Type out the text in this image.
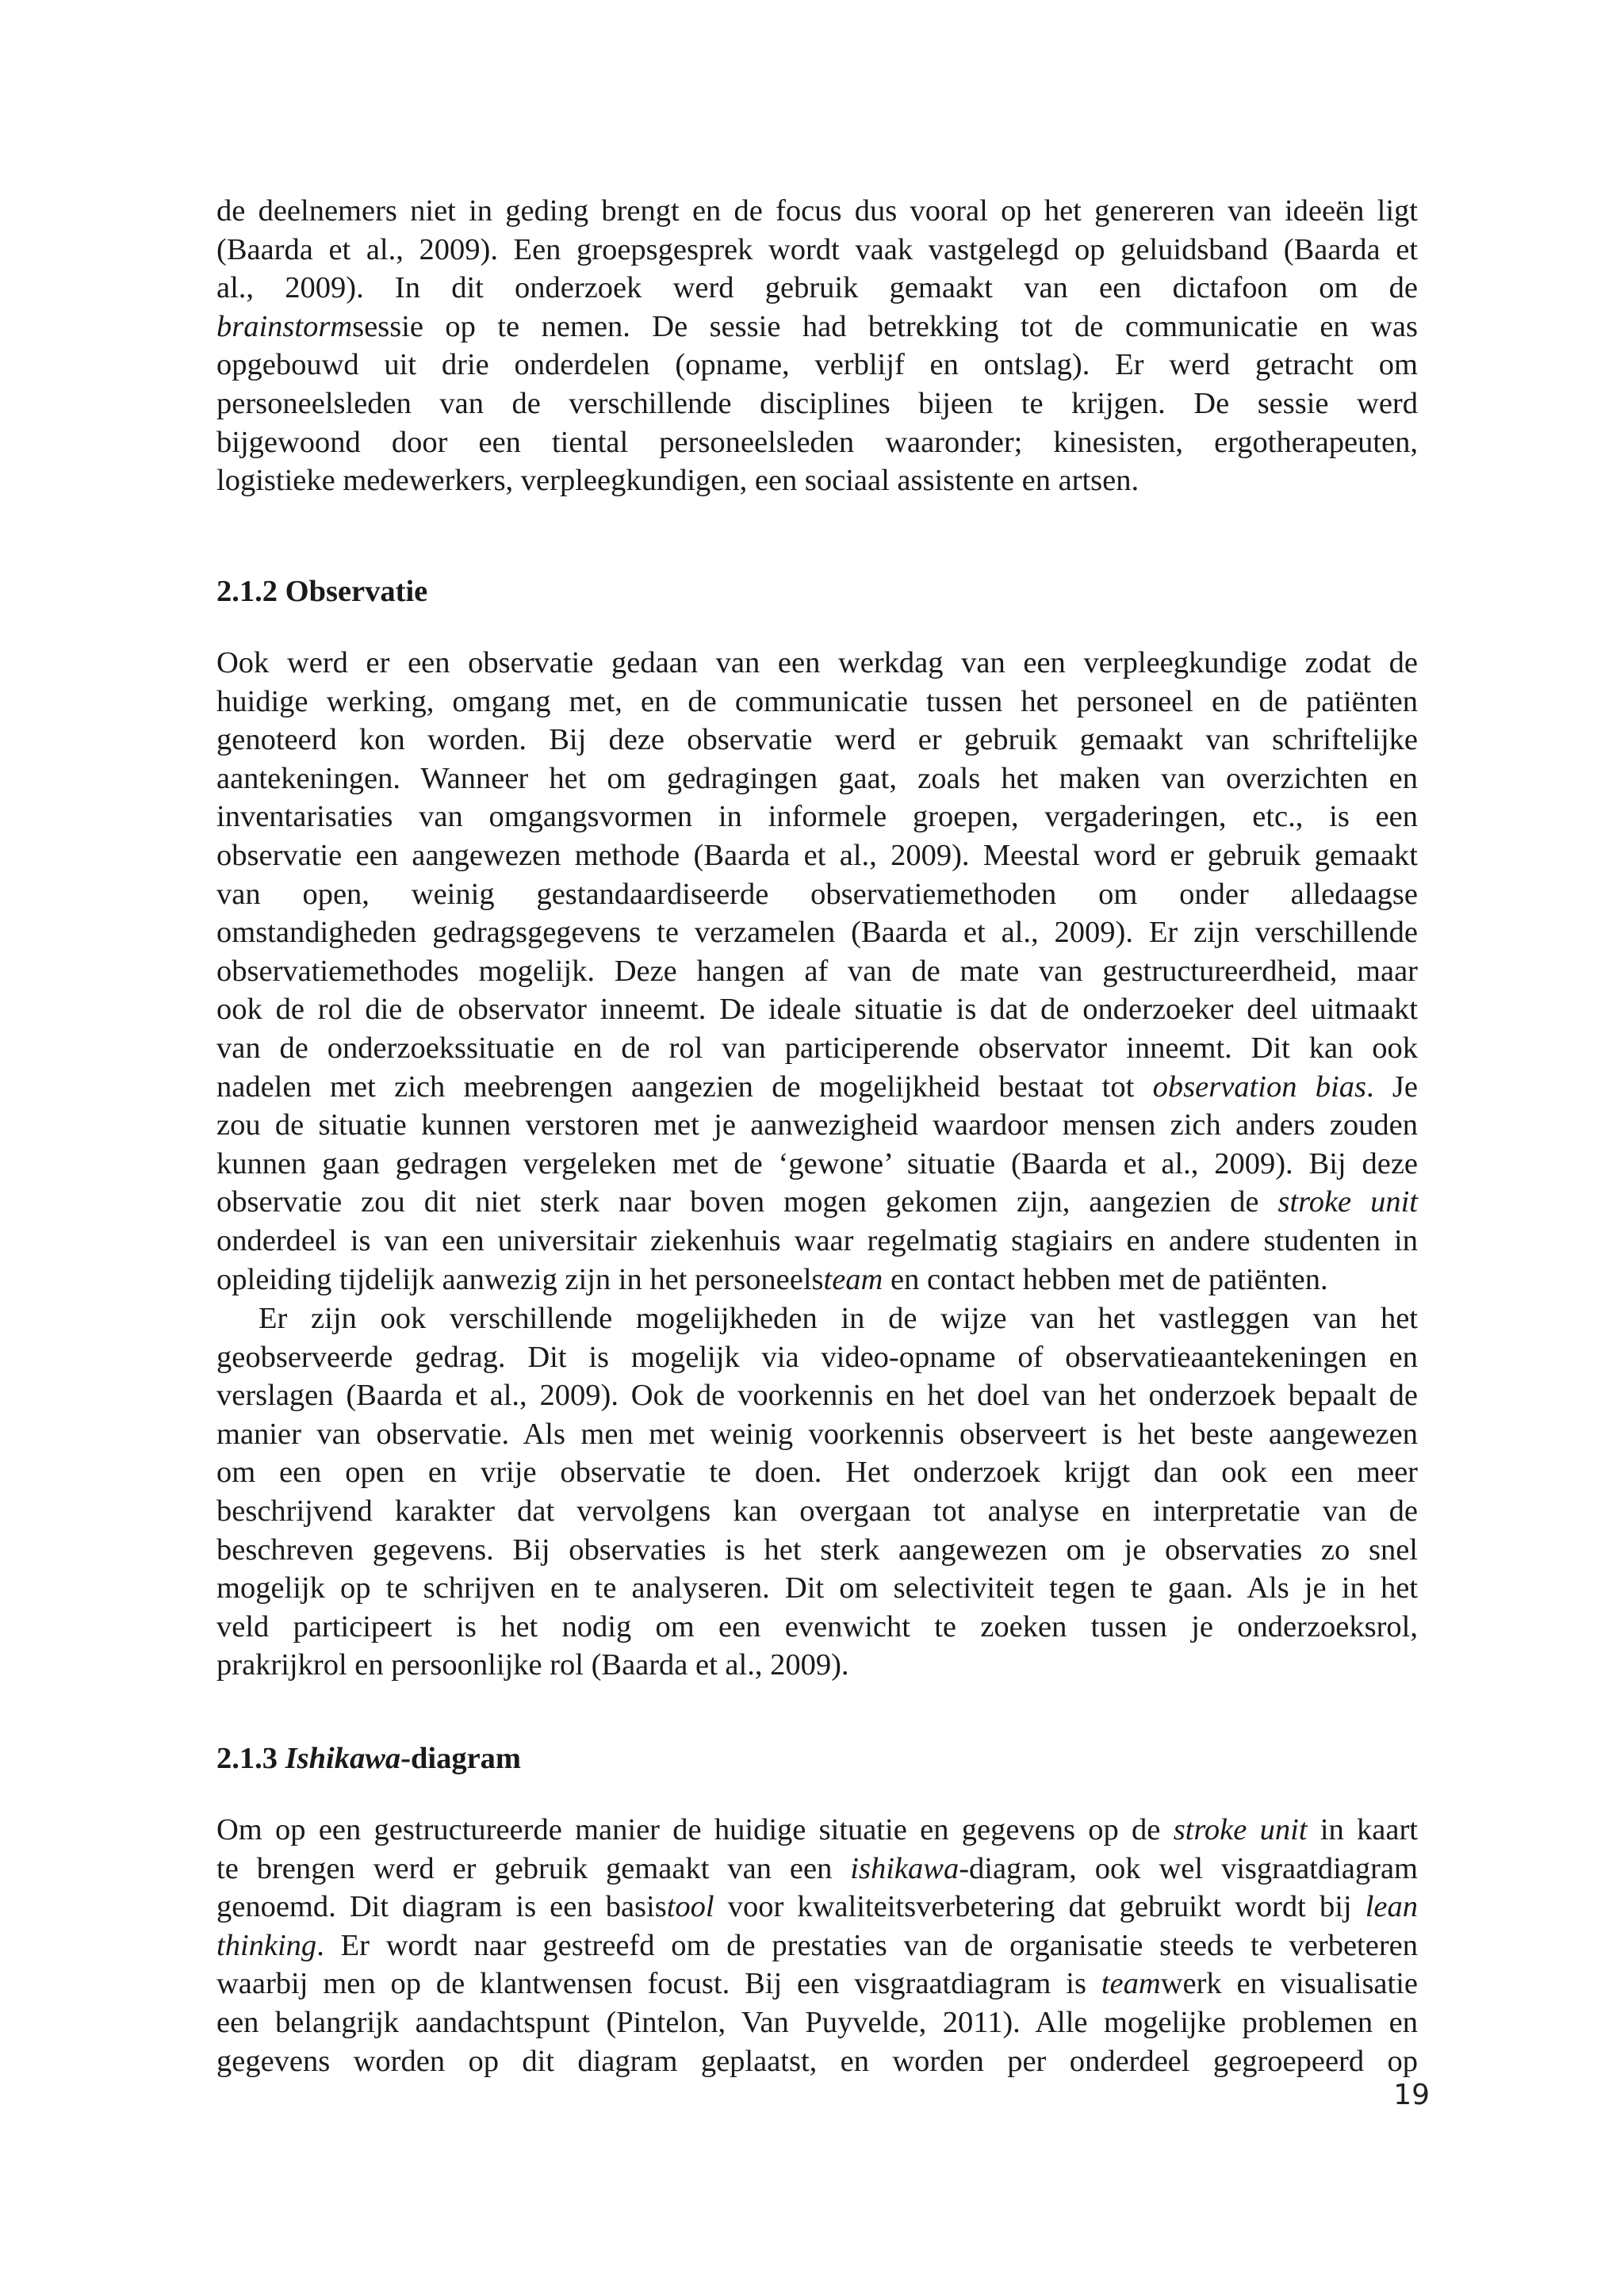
de deelnemers niet in geding brengt en de focus dus vooral op het genereren van ideeën ligt
(Baarda et al., 2009). Een groepsgesprek wordt vaak vastgelegd op geluidsband (Baarda et
al., 2009). In dit onderzoek werd gebruik gemaakt van een dictafoon om de
brainstormsessie op te nemen. De sessie had betrekking tot de communicatie en was
opgebouwd uit drie onderdelen (opname, verblijf en ontslag). Er werd getracht om
personeelsleden van de verschillende disciplines bijeen te krijgen. De sessie werd
bijgewoond door een tiental personeelsleden waaronder; kinesisten, ergotherapeuten,
logistieke medewerkers, verpleegkundigen, een sociaal assistente en artsen.
2.1.2 Observatie
Ook werd er een observatie gedaan van een werkdag van een verpleegkundige zodat de
huidige werking, omgang met, en de communicatie tussen het personeel en de patiënten
genoteerd kon worden. Bij deze observatie werd er gebruik gemaakt van schriftelijke
aantekeningen. Wanneer het om gedragingen gaat, zoals het maken van overzichten en
inventarisaties van omgangsvormen in informele groepen, vergaderingen, etc., is een
observatie een aangewezen methode (Baarda et al., 2009). Meestal word er gebruik gemaakt
van open, weinig gestandaardiseerde observatiemethoden om onder alledaagse
omstandigheden gedragsgegevens te verzamelen (Baarda et al., 2009). Er zijn verschillende
observatiemethodes mogelijk. Deze hangen af van de mate van gestructureerdheid, maar
ook de rol die de observator inneemt. De ideale situatie is dat de onderzoeker deel uitmaakt
van de onderzoekssituatie en de rol van participerende observator inneemt. Dit kan ook
nadelen met zich meebrengen aangezien de mogelijkheid bestaat tot observation bias. Je
zou de situatie kunnen verstoren met je aanwezigheid waardoor mensen zich anders zouden
kunnen gaan gedragen vergeleken met de ‘gewone’ situatie (Baarda et al., 2009). Bij deze
observatie zou dit niet sterk naar boven mogen gekomen zijn, aangezien de stroke unit
onderdeel is van een universitair ziekenhuis waar regelmatig stagiairs en andere studenten in
opleiding tijdelijk aanwezig zijn in het personeelsteam en contact hebben met de patiënten.
Er zijn ook verschillende mogelijkheden in de wijze van het vastleggen van het
geobserveerde gedrag. Dit is mogelijk via video-opname of observatieaantekeningen en
verslagen (Baarda et al., 2009). Ook de voorkennis en het doel van het onderzoek bepaalt de
manier van observatie. Als men met weinig voorkennis observeert is het beste aangewezen
om een open en vrije observatie te doen. Het onderzoek krijgt dan ook een meer
beschrijvend karakter dat vervolgens kan overgaan tot analyse en interpretatie van de
beschreven gegevens. Bij observaties is het sterk aangewezen om je observaties zo snel
mogelijk op te schrijven en te analyseren. Dit om selectiviteit tegen te gaan. Als je in het
veld participeert is het nodig om een evenwicht te zoeken tussen je onderzoeksrol,
prakrijkrol en persoonlijke rol (Baarda et al., 2009).
2.1.3 Ishikawa-diagram
Om op een gestructureerde manier de huidige situatie en gegevens op de stroke unit in kaart
te brengen werd er gebruik gemaakt van een ishikawa-diagram, ook wel visgraatdiagram
genoemd. Dit diagram is een basistool voor kwaliteitsverbetering dat gebruikt wordt bij lean
thinking. Er wordt naar gestreefd om de prestaties van de organisatie steeds te verbeteren
waarbij men op de klantwensen focust. Bij een visgraatdiagram is teamwerk en visualisatie
een belangrijk aandachtspunt (Pintelon, Van Puyvelde, 2011). Alle mogelijke problemen en
gegevens worden op dit diagram geplaatst, en worden per onderdeel gegroepeerd op
19
